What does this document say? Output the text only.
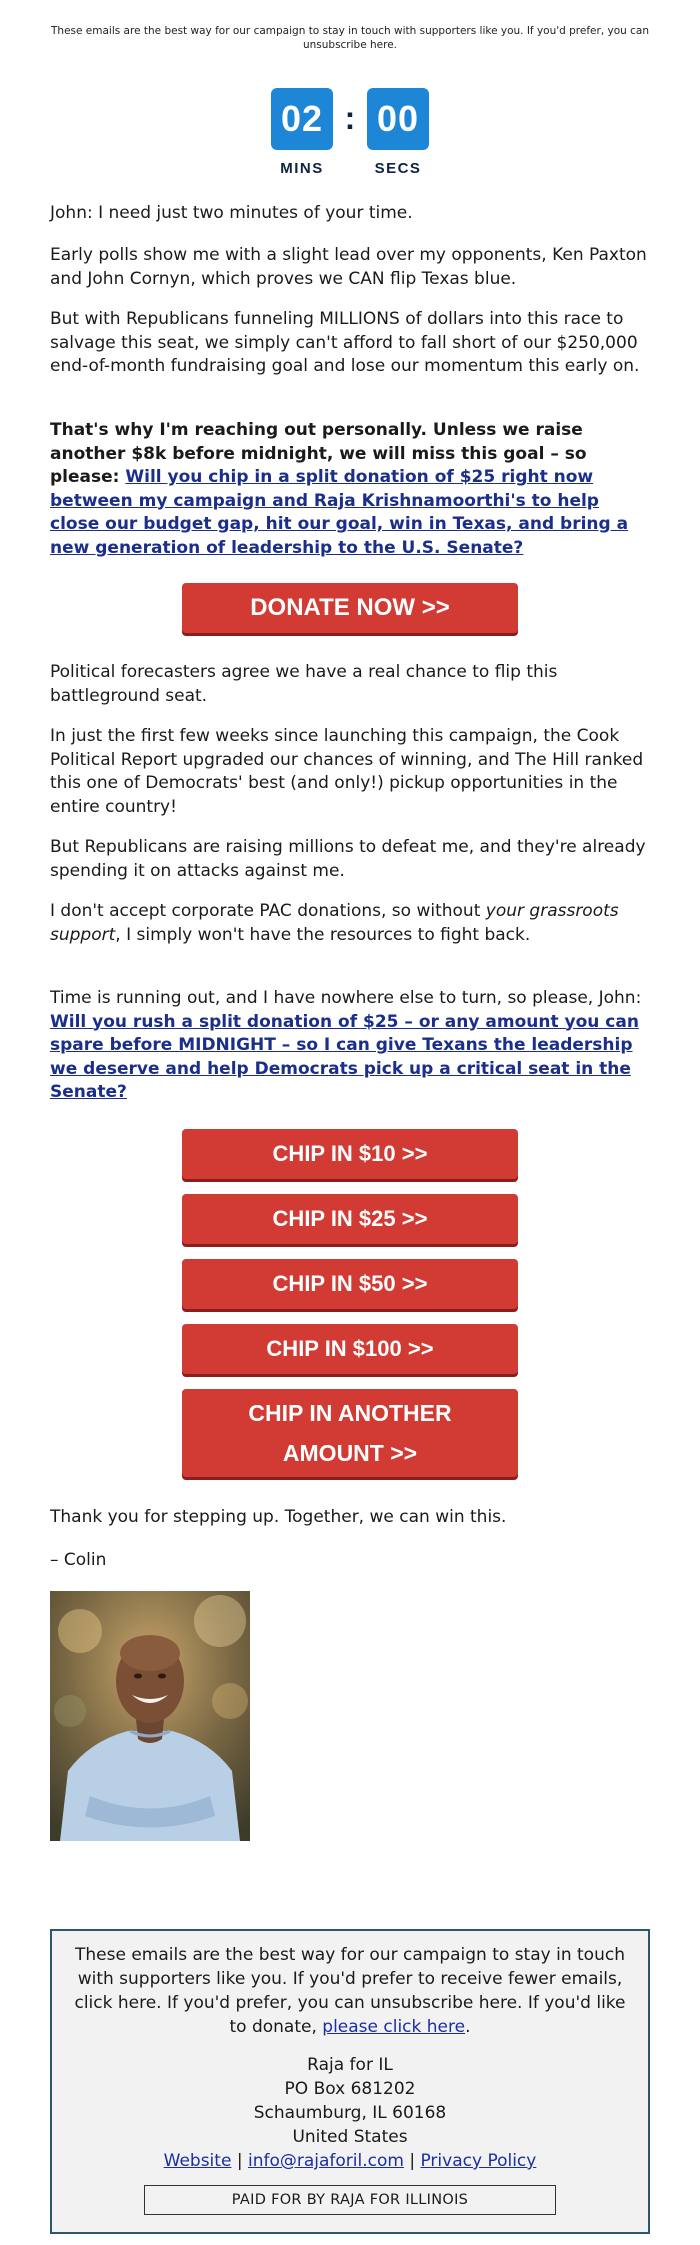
These emails are the best way for our campaign to stay in touch with supporters like you. If you'd prefer, you can unsubscribe here.
02 : 00
MINS	SECS

John: I need just two minutes of your time.

Early polls show me with a slight lead over my opponents, Ken Paxton and John Cornyn, which proves we CAN flip Texas blue.

But with Republicans funneling MILLIONS of dollars into this race to salvage this seat, we simply can't afford to fall short of our $250,000 end-of-month fundraising goal and lose our momentum this early on.

That's why I'm reaching out personally. Unless we raise another $8k before midnight, we will miss this goal – so please: Will you chip in a split donation of $25 right now between my campaign and Raja Krishnamoorthi's to help close our budget gap, hit our goal, win in Texas, and bring a new generation of leadership to the U.S. Senate?

DONATE NOW >>

Political forecasters agree we have a real chance to flip this battleground seat.

In just the first few weeks since launching this campaign, the Cook Political Report upgraded our chances of winning, and The Hill ranked this one of Democrats' best (and only!) pickup opportunities in the entire country!

But Republicans are raising millions to defeat me, and they're already spending it on attacks against me.

I don't accept corporate PAC donations, so without your grassroots support, I simply won't have the resources to fight back.

Time is running out, and I have nowhere else to turn, so please, John: Will you rush a split donation of $25 – or any amount you can spare before MIDNIGHT – so I can give Texans the leadership we deserve and help Democrats pick up a critical seat in the Senate?

CHIP IN $10 >>
CHIP IN $25 >>
CHIP IN $50 >>
CHIP IN $100 >>
CHIP IN ANOTHER
AMOUNT >>

Thank you for stepping up. Together, we can win this.

– Colin

These emails are the best way for our campaign to stay in touch with supporters like you. If you'd prefer to receive fewer emails, click here. If you'd prefer, you can unsubscribe here. If you'd like to donate, please click here.
Raja for IL
PO Box 681202
Schaumburg, IL 60168
United States
Website | info@rajaforil.com | Privacy Policy
PAID FOR BY RAJA FOR ILLINOIS
